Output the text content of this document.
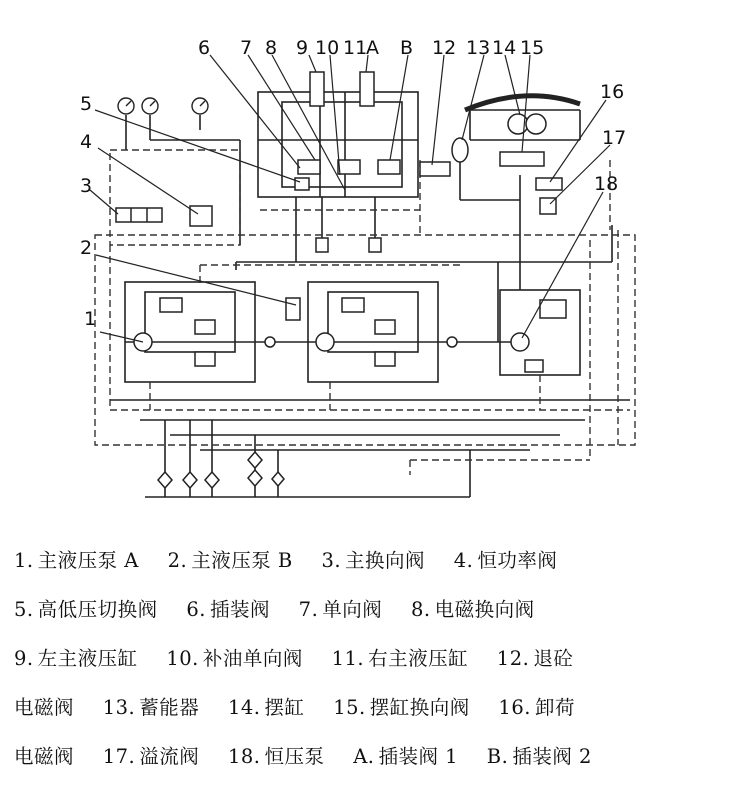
1
2
3
4
5
6 7 8 9 10 11
A B 12 13 14 15
16
17
18
1. 主液压泵 A 2. 主液压泵 B 3. 主换向阀 4. 恒功率阀
5. 高低压切换阀 6. 插装阀 7. 单向阀 8. 电磁换向阀
9. 左主液压缸 10. 补油单向阀 11. 右主液压缸 12. 退砼
电磁阀 13. 蓄能器 14. 摆缸 15. 摆缸换向阀 16. 卸荷
电磁阀 17. 溢流阀 18. 恒压泵 A. 插装阀 1 B. 插装阀 2
